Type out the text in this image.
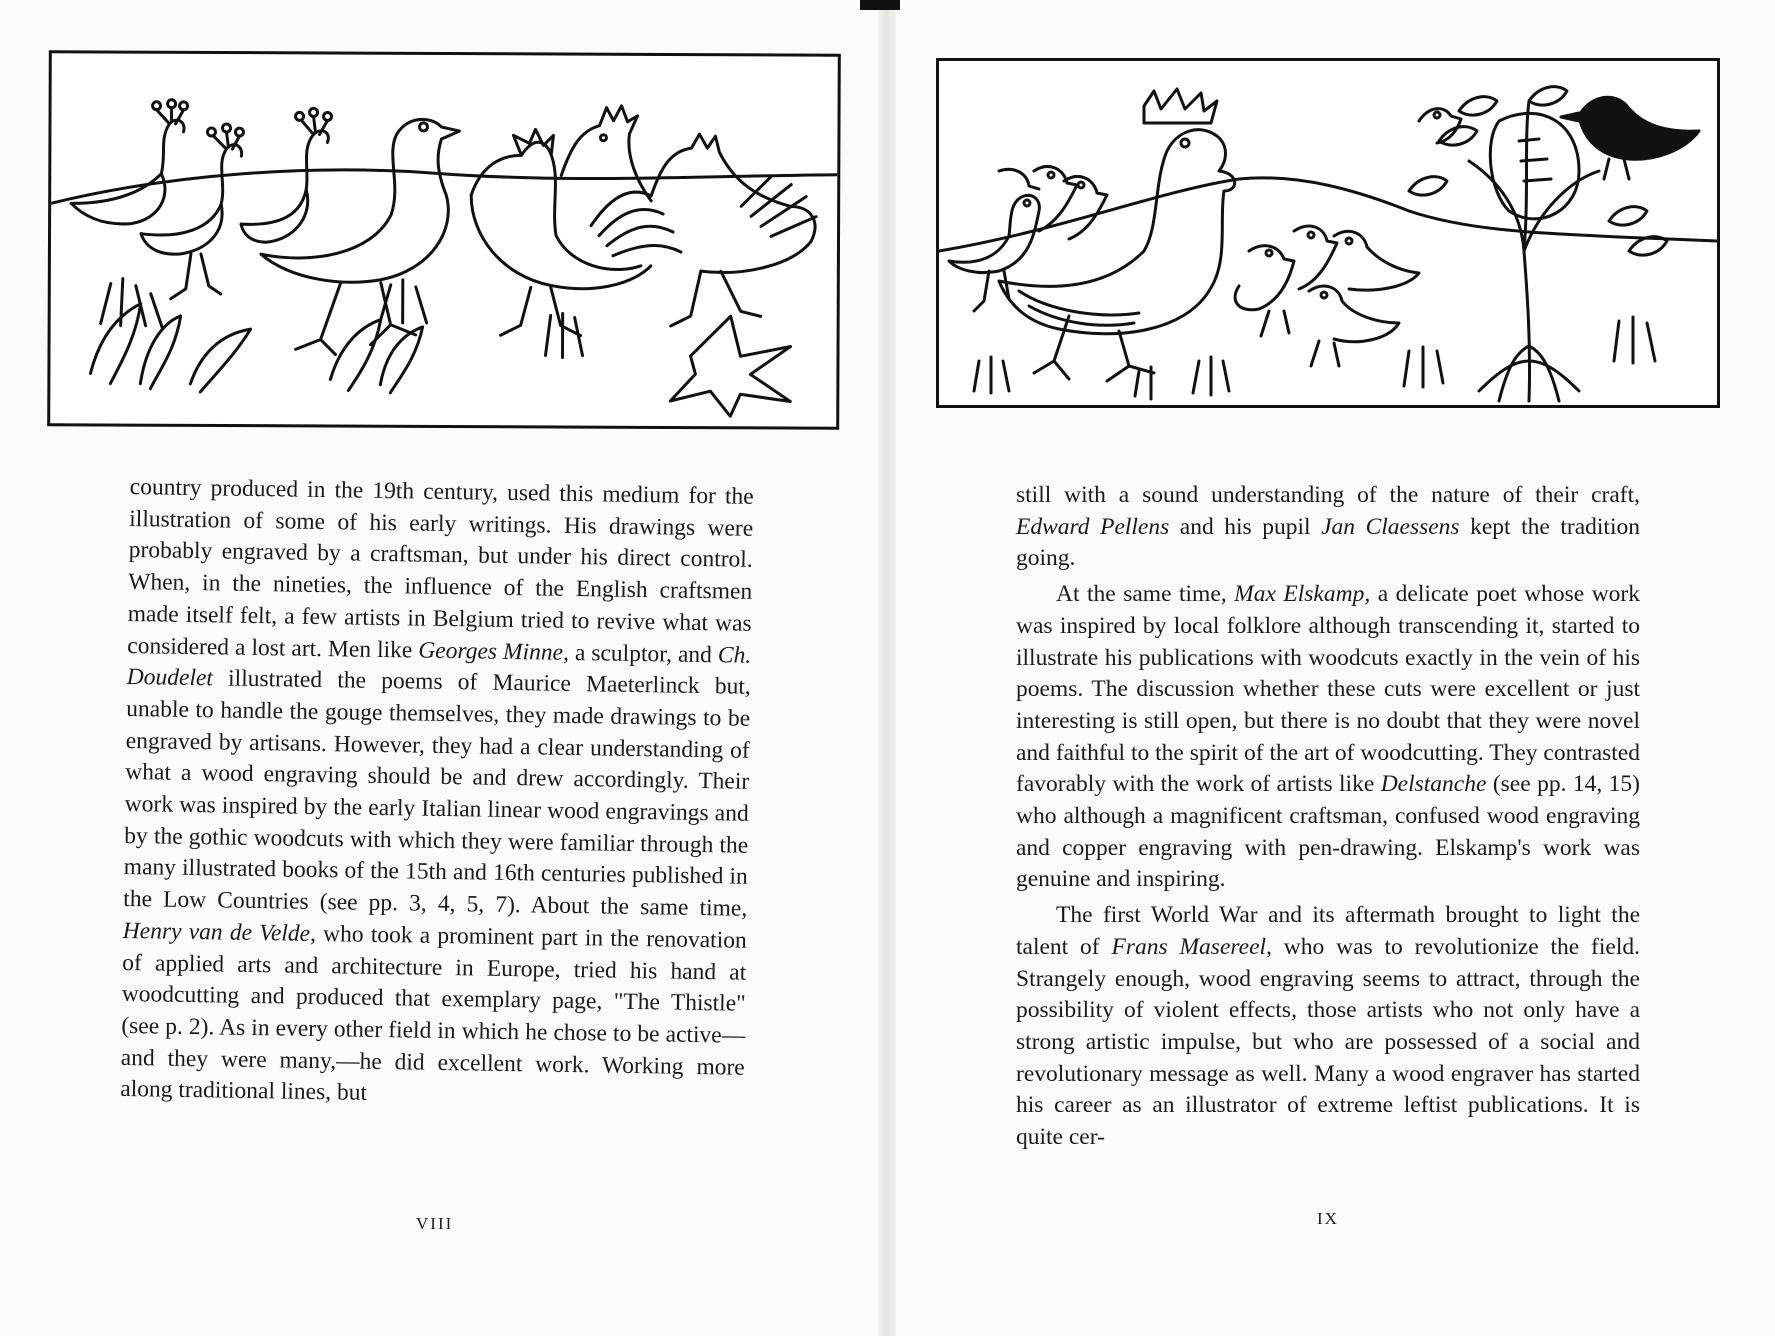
country produced in the 19th century, used this medium for the illustration of some of his early writings. His drawings were probably engraved by a craftsman, but under his direct control. When, in the nineties, the influence of the English craftsmen made itself felt, a few artists in Belgium tried to revive what was considered a lost art. Men like Georges Minne, a sculptor, and Ch. Doudelet illustrated the poems of Maurice Maeterlinck but, unable to handle the gouge themselves, they made drawings to be engraved by artisans. However, they had a clear understanding of what a wood engraving should be and drew accordingly. Their work was inspired by the early Italian linear wood engravings and by the gothic woodcuts with which they were familiar through the many illustrated books of the 15th and 16th centuries published in the Low Countries (see pp. 3, 4, 5, 7). About the same time, Henry van de Velde, who took a prominent part in the renovation of applied arts and architecture in Europe, tried his hand at woodcutting and produced that exemplary page, "The Thistle" (see p. 2). As in every other field in which he chose to be active—and they were many,—he did excellent work. Working more along traditional lines, but

VIII

still with a sound understanding of the nature of their craft, Edward Pellens and his pupil Jan Claessens kept the tradition going.

At the same time, Max Elskamp, a delicate poet whose work was inspired by local folklore although transcending it, started to illustrate his publications with woodcuts exactly in the vein of his poems. The discussion whether these cuts were excellent or just interesting is still open, but there is no doubt that they were novel and faithful to the spirit of the art of woodcutting. They contrasted favorably with the work of artists like Delstanche (see pp. 14, 15) who although a magnificent craftsman, confused wood engraving and copper engraving with pen-drawing. Elskamp's work was genuine and inspiring.

The first World War and its aftermath brought to light the talent of Frans Masereel, who was to revolutionize the field. Strangely enough, wood engraving seems to attract, through the possibility of violent effects, those artists who not only have a strong artistic impulse, but who are possessed of a social and revolutionary message as well. Many a wood engraver has started his career as an illustrator of extreme leftist publications. It is quite cer-

IX
